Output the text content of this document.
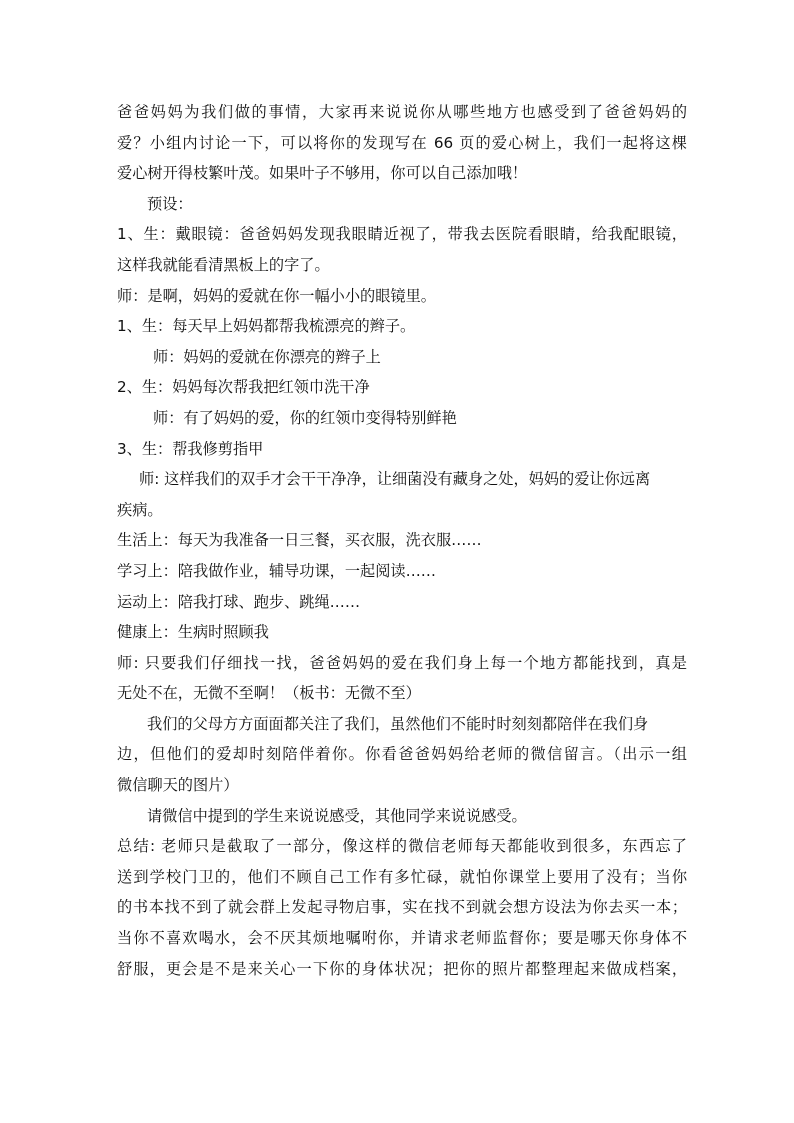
爸爸妈妈为我们做的事情，大家再来说说你从哪些地方也感受到了爸爸妈妈的
爱？小组内讨论一下，可以将你的发现写在 66 页的爱心树上，我们一起将这棵
爱心树开得枝繁叶茂。如果叶子不够用，你可以自己添加哦！
预设：
1、生：戴眼镜：爸爸妈妈发现我眼睛近视了，带我去医院看眼睛，给我配眼镜，
这样我就能看清黑板上的字了。
师：是啊，妈妈的爱就在你一幅小小的眼镜里。
1、生：每天早上妈妈都帮我梳漂亮的辫子。
师：妈妈的爱就在你漂亮的辫子上
2、生：妈妈每次帮我把红领巾洗干净
师：有了妈妈的爱，你的红领巾变得特别鲜艳
3、生：帮我修剪指甲
师: 这样我们的双手才会干干净净，让细菌没有藏身之处，妈妈的爱让你远离
疾病。
生活上：每天为我准备一日三餐，买衣服，洗衣服……
学习上：陪我做作业，辅导功课，一起阅读……
运动上：陪我打球、跑步、跳绳……
健康上：生病时照顾我
师: 只要我们仔细找一找，爸爸妈妈的爱在我们身上每一个地方都能找到，真是
无处不在，无微不至啊！（板书：无微不至）
我们的父母方方面面都关注了我们，虽然他们不能时时刻刻都陪伴在我们身
边，但他们的爱却时刻陪伴着你。你看爸爸妈妈给老师的微信留言。（出示一组
微信聊天的图片）
请微信中提到的学生来说说感受，其他同学来说说感受。
总结: 老师只是截取了一部分，像这样的微信老师每天都能收到很多，东西忘了
送到学校门卫的，他们不顾自己工作有多忙碌，就怕你课堂上要用了没有；当你
的书本找不到了就会群上发起寻物启事，实在找不到就会想方设法为你去买一本；
当你不喜欢喝水，会不厌其烦地嘱咐你，并请求老师监督你；要是哪天你身体不
舒服，更会是不是来关心一下你的身体状况；把你的照片都整理起来做成档案，
